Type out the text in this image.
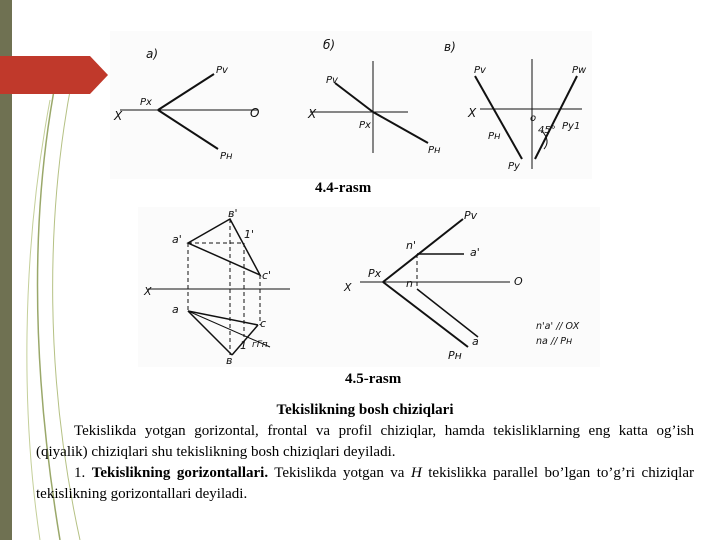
a)
б)	в)
X
Px
Pv
O
Pн
Pv
X
Px
Pн
Pv	Pw
X	o
45° Py1
Pн
Py
4.4-rasm
в'
a'	1'
c'
X
a
c
1
в
гГп
Pv
n'
a'
X
Px
n	O
a
Pн
n'a' // OX
na // Pн
4.5-rasm

Tekislikning bosh chiziqlari

Tekislikda yotgan gorizontal, frontal va profil chiziqlar, hamda tekisliklarning eng katta og’ish (qiyalik) chiziqlari shu tekislikning bosh chiziqlari deyiladi.

1. Tekislikning gorizontallari. Tekislikda yotgan va H tekislikka parallel bo’lgan to’g’ri chiziqlar tekislikning gorizontallari deyiladi.
